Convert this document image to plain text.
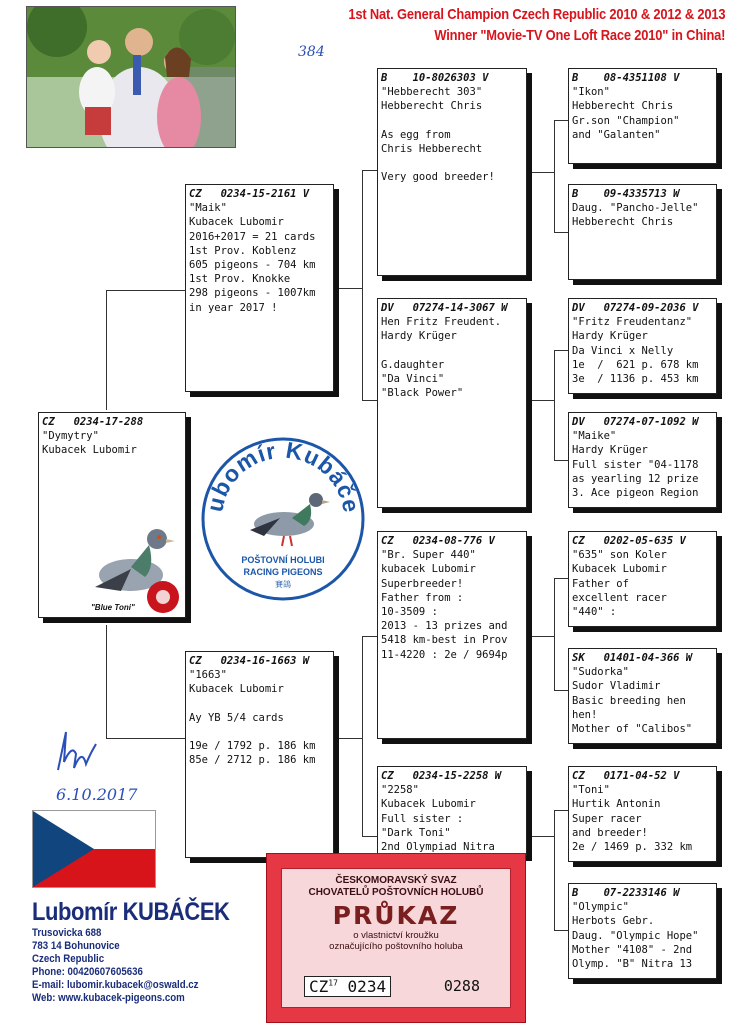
1st Nat. General Champion Czech Republic 2010 & 2012 & 2013
Winner "Movie-TV One Loft Race 2010" in China!
384
CZ   0234-17-288
"Dymytry"
Kubacek Lubomir
"Blue Toni"
CZ   0234-15-2161 V
"Maik"
Kubacek Lubomir
2016+2017 = 21 cards
1st Prov. Koblenz
605 pigeons - 704 km
1st Prov. Knokke
298 pigeons - 1007km
in year 2017 !
CZ   0234-16-1663 W
"1663"
Kubacek Lubomir

Ay YB 5/4 cards

19e / 1792 p. 186 km
85e / 2712 p. 186 km
B    10-8026303 V
"Hebberecht 303"
Hebberecht Chris

As egg from
Chris Hebberecht

Very good breeder!
DV   07274-14-3067 W
Hen Fritz Freudent.
Hardy Krüger

G.daughter
"Da Vinci"
"Black Power"
CZ   0234-08-776 V
"Br. Super 440"
kubacek Lubomir
Superbreeder!
Father from :
10-3509 :
2013 - 13 prizes and
5418 km-best in Prov
11-4220 : 2e / 9694p
CZ   0234-15-2258 W
"2258"
Kubacek Lubomir
Full sister :
"Dark Toni"
2nd Olympiad Nitra
B    08-4351108 V
"Ikon"
Hebberecht Chris
Gr.son "Champion"
and "Galanten"
B    09-4335713 W
Daug. "Pancho-Jelle"
Hebberecht Chris
DV   07274-09-2036 V
"Fritz Freudentanz"
Hardy Krüger
Da Vinci x Nelly
1e  /  621 p. 678 km
3e  / 1136 p. 453 km
DV   07274-07-1092 W
"Maike"
Hardy Krüger
Full sister "04-1178
as yearling 12 prize
3. Ace pigeon Region
CZ   0202-05-635 V
"635" son Koler
Kubacek Lubomir
Father of
excellent racer
"440" :
SK   01401-04-366 W
"Sudorka"
Sudor Vladimir
Basic breeding hen
hen!
Mother of "Calibos"
CZ   0171-04-52 V
"Toni"
Hurtik Antonin
Super racer
and breeder!
2e / 1469 p. 332 km
B    07-2233146 W
"Olympic"
Herbots Gebr.
Daug. "Olympic Hope"
Mother "4108" - 2nd
Olymp. "B" Nitra 13
ubomír Kubáče
POŠTOVNÍ HOLUBI
RACING PIGEONS
賽鴿
6.10.2017
Lubomír KUBÁČEK
Trusovicka 688
783 14 Bohunovice
Czech Republic
Phone: 00420607605636
E-mail: lubomir.kubacek@oswald.cz
Web: www.kubacek-pigeons.com
ČESKOMORAVSKÝ SVAZ
CHOVATELŮ POŠTOVNÍCH HOLUBŮ
PRŮKAZ
o vlastnictví kroužku
označujícího poštovního holuba
CZ$^{17}$ 0234	0288
